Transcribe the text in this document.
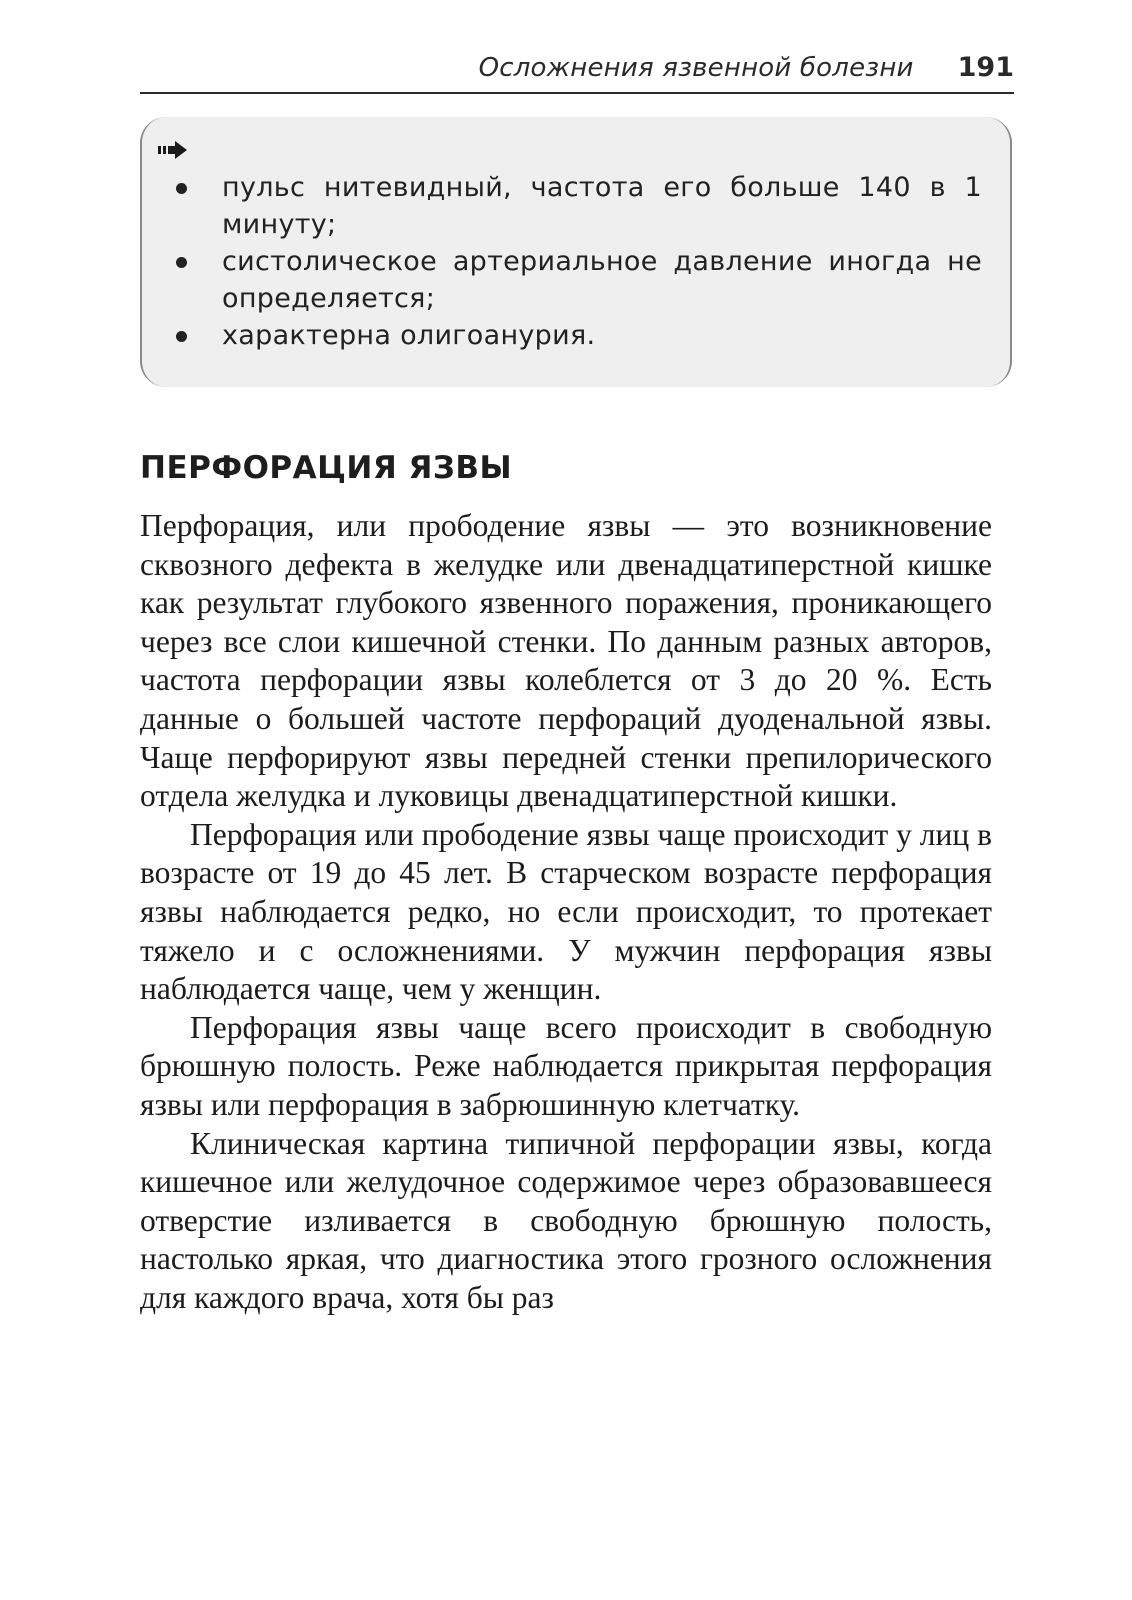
Осложнения язвенной болезни 191
пульс нитевидный, частота его больше 140 в 1 минуту;
систолическое артериальное давление иногда не определяется;
характерна олигоанурия.
ПЕРФОРАЦИЯ ЯЗВЫ

Перфорация, или прободение язвы — это возникновение сквозного дефекта в желудке или двенадцатиперстной кишке как результат глубокого язвенного поражения, проникающего через все слои кишечной стенки. По данным разных авторов, частота перфорации язвы колеблется от 3 до 20 %. Есть данные о большей частоте перфораций дуоденальной язвы. Чаще перфорируют язвы передней стенки препилорического отдела желудка и луковицы двенадцатиперстной кишки.

Перфорация или прободение язвы чаще происходит у лиц в возрасте от 19 до 45 лет. В старческом возрасте перфорация язвы наблюдается редко, но если происходит, то протекает тяжело и с осложнениями. У мужчин перфорация язвы наблюдается чаще, чем у женщин.

Перфорация язвы чаще всего происходит в свободную брюшную полость. Реже наблюдается прикрытая перфорация язвы или перфорация в забрюшинную клетчатку.

Клиническая картина типичной перфорации язвы, когда кишечное или желудочное содержимое через образовавшееся отверстие изливается в свободную брюшную полость, настолько яркая, что диагностика этого грозного осложнения для каждого врача, хотя бы раз
